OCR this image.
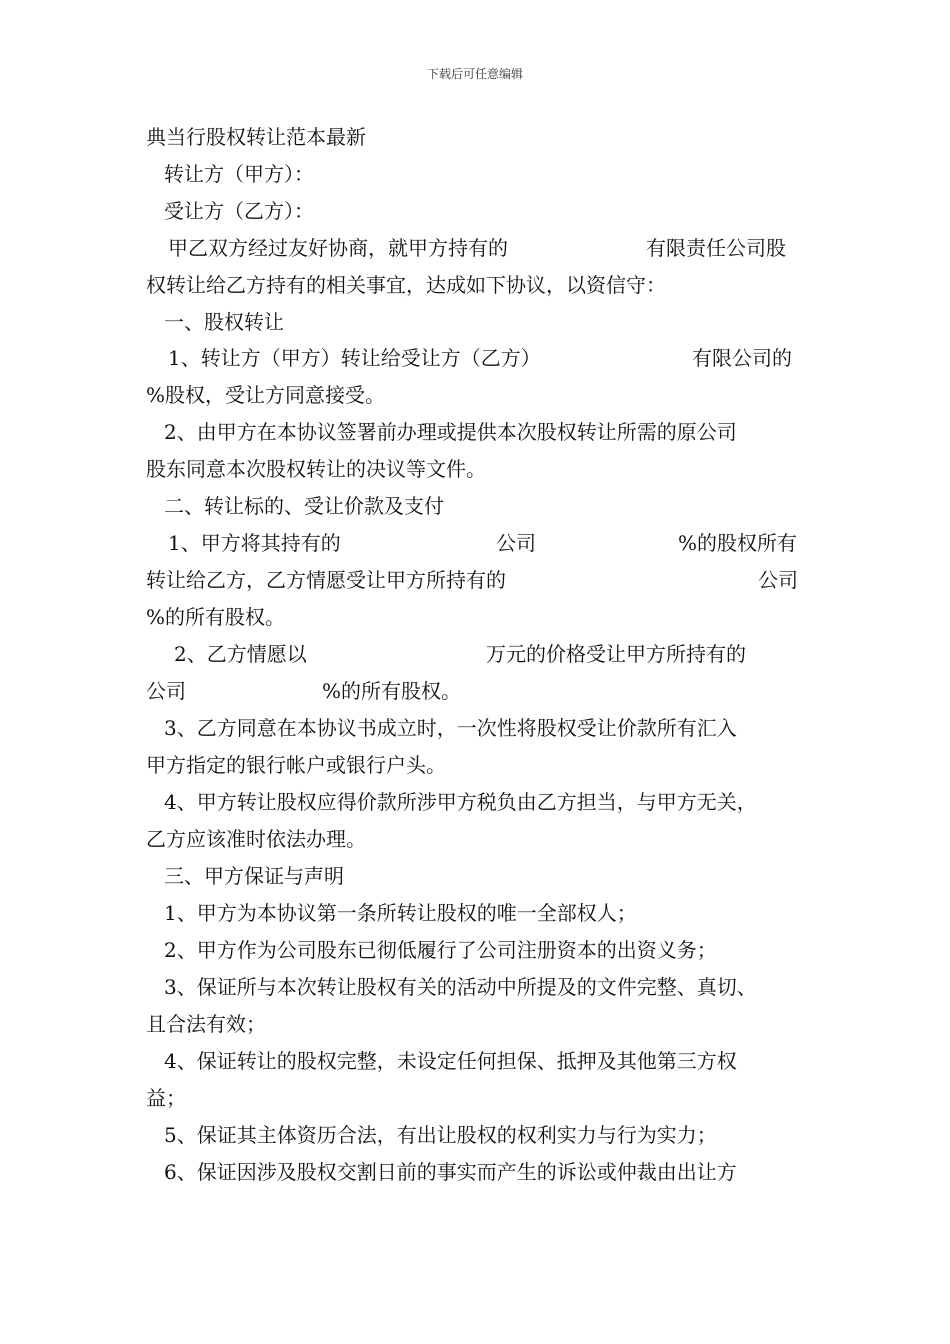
下载后可任意编辑
典当行股权转让范本最新
转让方（甲方）：
受让方（乙方）：
甲乙双方经过友好协商，就甲方持有的	有限责任公司股
权转让给乙方持有的相关事宜，达成如下协议，以资信守：
一、股权转让
1、转让方（甲方）转让给受让方（乙方）	有限公司的
%股权，受让方同意接受。
2、由甲方在本协议签署前办理或提供本次股权转让所需的原公司
股东同意本次股权转让的决议等文件。
二、转让标的、受让价款及支付
1、甲方将其持有的	公司	%的股权所有
转让给乙方，乙方情愿受让甲方所持有的	公司
%的所有股权。
2、乙方情愿以	万元的价格受让甲方所持有的
公司	%的所有股权。
3、乙方同意在本协议书成立时，一次性将股权受让价款所有汇入
甲方指定的银行帐户或银行户头。
4、甲方转让股权应得价款所涉甲方税负由乙方担当，与甲方无关，
乙方应该准时依法办理。
三、甲方保证与声明
1、甲方为本协议第一条所转让股权的唯一全部权人；
2、甲方作为公司股东已彻低履行了公司注册资本的出资义务；
3、保证所与本次转让股权有关的活动中所提及的文件完整、真切、
且合法有效；
4、保证转让的股权完整，未设定任何担保、抵押及其他第三方权
益；
5、保证其主体资历合法，有出让股权的权利实力与行为实力；
6、保证因涉及股权交割日前的事实而产生的诉讼或仲裁由出让方
